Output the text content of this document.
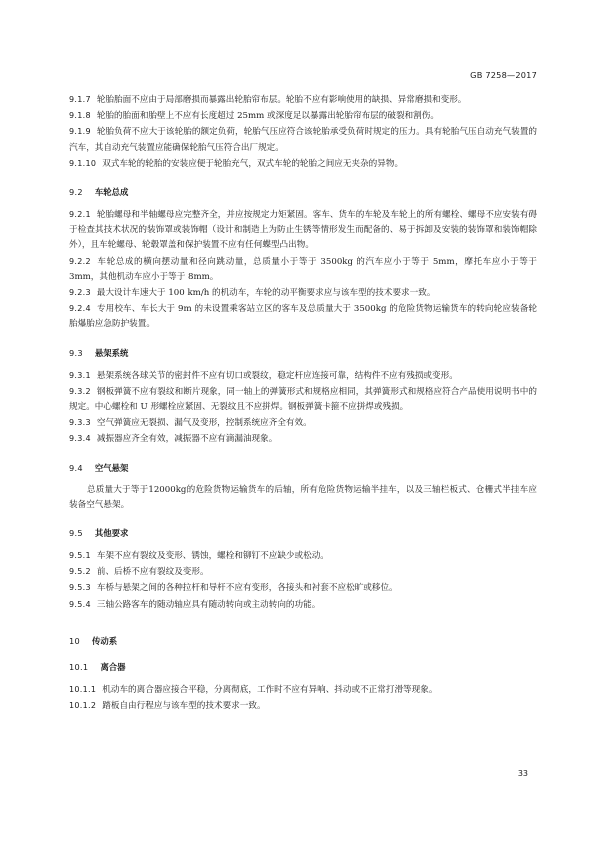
GB 7258—2017

9.1.7 轮胎胎面不应由于局部磨损而暴露出轮胎帘布层。轮胎不应有影响使用的缺损、异常磨损和变形。

9.1.8 轮胎的胎面和胎壁上不应有长度超过 25mm 或深度足以暴露出轮胎帘布层的破裂和割伤。

9.1.9 轮胎负荷不应大于该轮胎的额定负荷，轮胎气压应符合该轮胎承受负荷时规定的压力。具有轮胎气压自动充气装置的汽车，其自动充气装置应能确保轮胎气压符合出厂规定。

9.1.10 双式车轮的轮胎的安装应便于轮胎充气，双式车轮的轮胎之间应无夹杂的异物。

9.2 车轮总成

9.2.1 轮胎螺母和半轴螺母应完整齐全，并应按规定力矩紧固。客车、货车的车轮及车轮上的所有螺栓、螺母不应安装有碍于检查其技术状况的装饰罩或装饰帽（设计和制造上为防止生锈等情形发生而配备的、易于拆卸及安装的装饰罩和装饰帽除外），且车轮螺母、轮毂罩盖和保护装置不应有任何蝶型凸出物。

9.2.2 车轮总成的横向摆动量和径向跳动量，总质量小于等于 3500kg 的汽车应小于等于 5mm，摩托车应小于等于 3mm，其他机动车应小于等于 8mm。

9.2.3 最大设计车速大于 100 km/h 的机动车，车轮的动平衡要求应与该车型的技术要求一致。

9.2.4 专用校车、车长大于 9m 的未设置乘客站立区的客车及总质量大于 3500kg 的危险货物运输货车的转向轮应装备轮胎爆胎应急防护装置。

9.3 悬架系统

9.3.1 悬架系统各球关节的密封件不应有切口或裂纹，稳定杆应连接可靠，结构件不应有残损或变形。

9.3.2 钢板弹簧不应有裂纹和断片现象，同一轴上的弹簧形式和规格应相同，其弹簧形式和规格应符合产品使用说明书中的规定。中心螺栓和 U 形螺栓应紧固、无裂纹且不应拼焊。钢板弹簧卡箍不应拼焊或残损。

9.3.3 空气弹簧应无裂损、漏气及变形，控制系统应齐全有效。

9.3.4 减振器应齐全有效，减振器不应有滴漏油现象。

9.4 空气悬架

总质量大于等于12000kg的危险货物运输货车的后轴，所有危险货物运输半挂车，以及三轴栏板式、仓栅式半挂车应装备空气悬架。

9.5 其他要求

9.5.1 车架不应有裂纹及变形、锈蚀，螺栓和铆钉不应缺少或松动。

9.5.2 前、后桥不应有裂纹及变形。

9.5.3 车桥与悬架之间的各种拉杆和导杆不应有变形，各接头和衬套不应松旷或移位。

9.5.4 三轴公路客车的随动轴应具有随动转向或主动转向的功能。

10 传动系
10.1 离合器

10.1.1 机动车的离合器应接合平稳，分离彻底，工作时不应有异响、抖动或不正常打滑等现象。

10.1.2 踏板自由行程应与该车型的技术要求一致。

33
